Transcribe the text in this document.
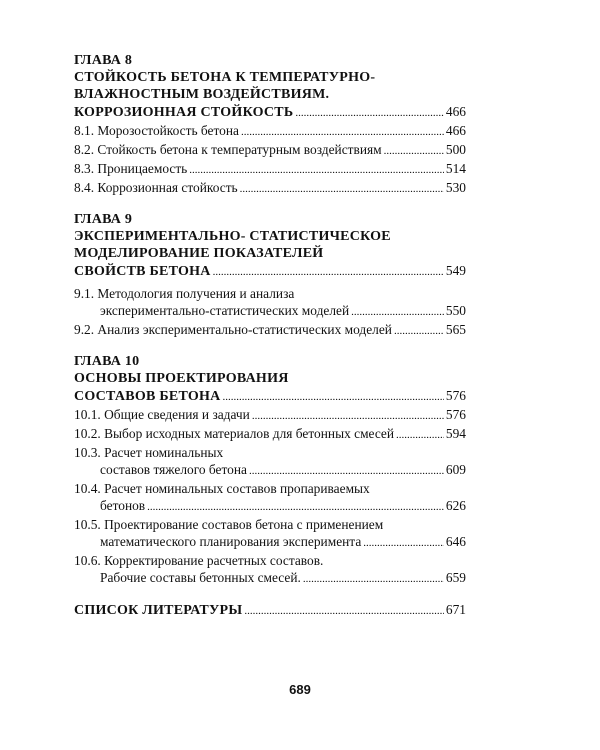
ГЛАВА 8
СТОЙКОСТЬ БЕТОНА К ТЕМПЕРАТУРНО-
ВЛАЖНОСТНЫМ ВОЗДЕЙСТВИЯМ.
КОРРОЗИОННАЯ СТОЙКОСТЬ .....	466
8.1. Морозостойкость бетона .....	466
8.2. Стойкость бетона к температурным воздействиям .....	500
8.3. Проницаемость .....	514
8.4. Коррозионная стойкость .....	530
ГЛАВА 9
ЭКСПЕРИМЕНТАЛЬНО- СТАТИСТИЧЕСКОЕ
МОДЕЛИРОВАНИЕ ПОКАЗАТЕЛЕЙ
СВОЙСТВ БЕТОНА .....	549
9.1. Методология получения и анализа
экспериментально-статистических моделей .....	550
9.2. Анализ экспериментально-статистических моделей .....	565
ГЛАВА 10
ОСНОВЫ ПРОЕКТИРОВАНИЯ
СОСТАВОВ БЕТОНА .....	576
10.1. Общие сведения и задачи .....	576
10.2. Выбор исходных материалов для бетонных смесей .....	594
10.3. Расчет номинальных
составов тяжелого бетона .....	609
10.4. Расчет номинальных составов пропариваемых
бетонов .....	626
10.5. Проектирование составов бетона с применением
математического планирования эксперимента .....	646
10.6. Корректирование расчетных составов.
Рабочие составы бетонных смесей. .....	659
СПИСОК ЛИТЕРАТУРЫ .....	671
689
